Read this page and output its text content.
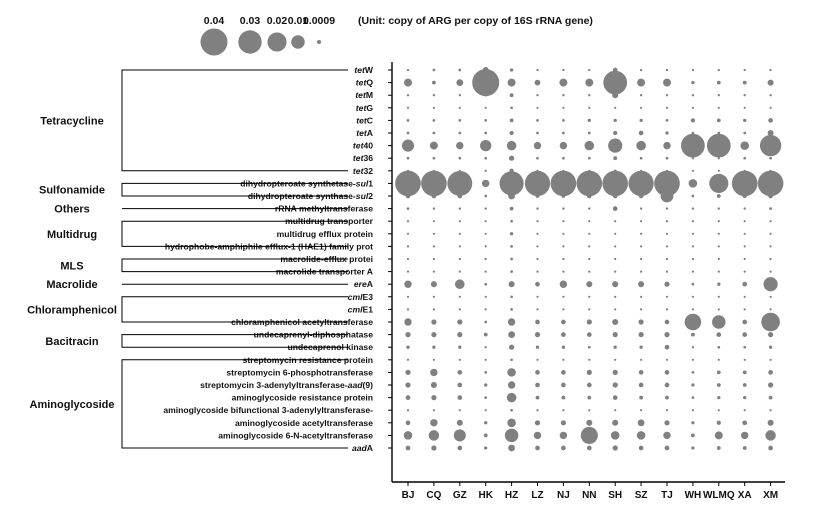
0.04 0.03 0.02 0.01
0.0009 (Unit: copy of ARG per copy of 16S rRNA gene)
tetW
tetQ
tetM
tetG
tetC
tetA
tet40
tet36
tet32
dihydropteroate synthetase-sul1
dihydropteroate synthase-sul2
rRNA methyltransferase
multidrug transporter
multidrug efflux protein
hydrophobe-amphiphile efflux-1 (HAE1) family prot
macrolide-efflux protei
macrolide transporter A
ereA
cmlE3
cmlE1
chloramphenicol acetyltransferase
undecaprenyl-diphosphatase
undecaprenol kinase
streptomycin resistance protein
streptomycin 6-phosphotransferase
streptomycin 3-adenylyltransferase-aad(9)
aminoglycoside resistance protein
aminoglycoside bifunctional 3-adenylyltransferase-
aminoglycoside acetyltransferase
aminoglycoside 6-N-acetyltransferase
aadA
Tetracycline
Sulfonamide
Others
Multidrug
MLS
Macrolide
Chloramphenicol
Bacitracin
Aminoglycoside
BJ CQ GZ HK HZ LZ NJ NN SH SZ TJ WH WLMQ XA XM
